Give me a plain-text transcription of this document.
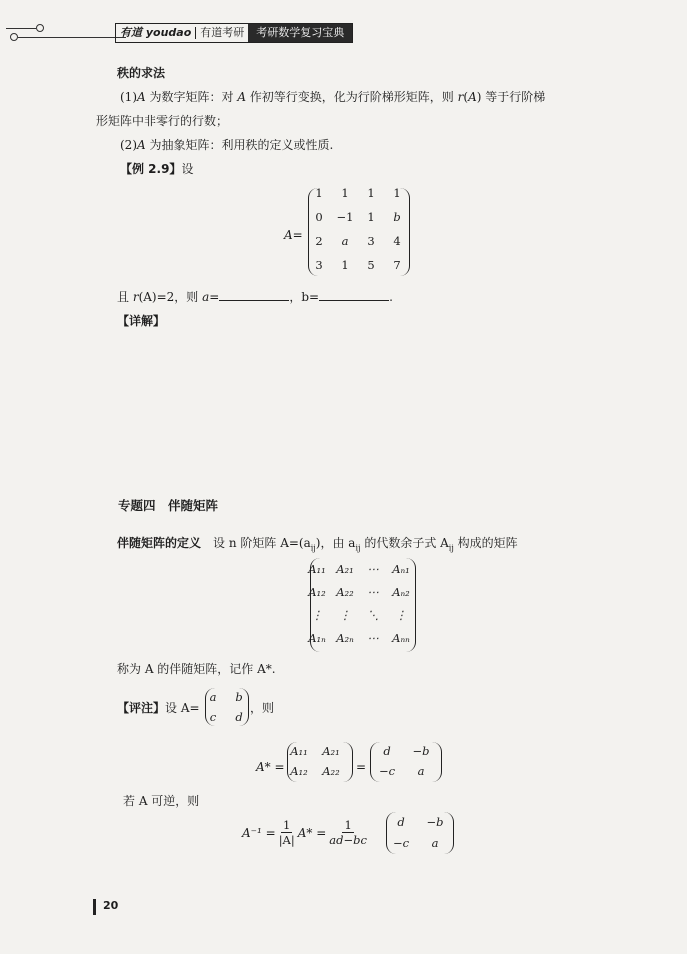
有道 youdao 有道考研	考研数学复习宝典
秩的求法
(1)A 为数字矩阵：对 A 作初等行变换，化为行阶梯形矩阵，则 r(A) 等于行阶梯
形矩阵中非零行的行数；
(2)A 为抽象矩阵：利用秩的定义或性质.
【例 2.9】设
A=
1	1	1	1
0	−1	1	b
2	a	3	4
3	1	5	7
且 r(A)=2，则 a=	，b=	.
【详解】
专题四　伴随矩阵
伴随矩阵的定义　设 n 阶矩阵 $A=(a_{ij})$，由 $a_{ij}$ 的代数余子式 $A_{ij}$ 构成的矩阵
A₁₁ A₂₁	⋯	Aₙ₁
A₁₂ A₂₂	⋯	Aₙ₂
⋮	⋮	⋱	⋮
A₁ₙ A₂ₙ	⋯	Aₙₙ
称为 A 的伴随矩阵，记作 A*.
【评注】设 A=
a	b
c	d
，则
A* =
A₁₁	A₂₁
A₁₂	A₂₂	=
d	−b
−c	a
若 A 可逆，则
$A^{-1} = \frac{1}{|A|} A* = \frac{1}{ad-bc}$	d	−b
−c	a
20
